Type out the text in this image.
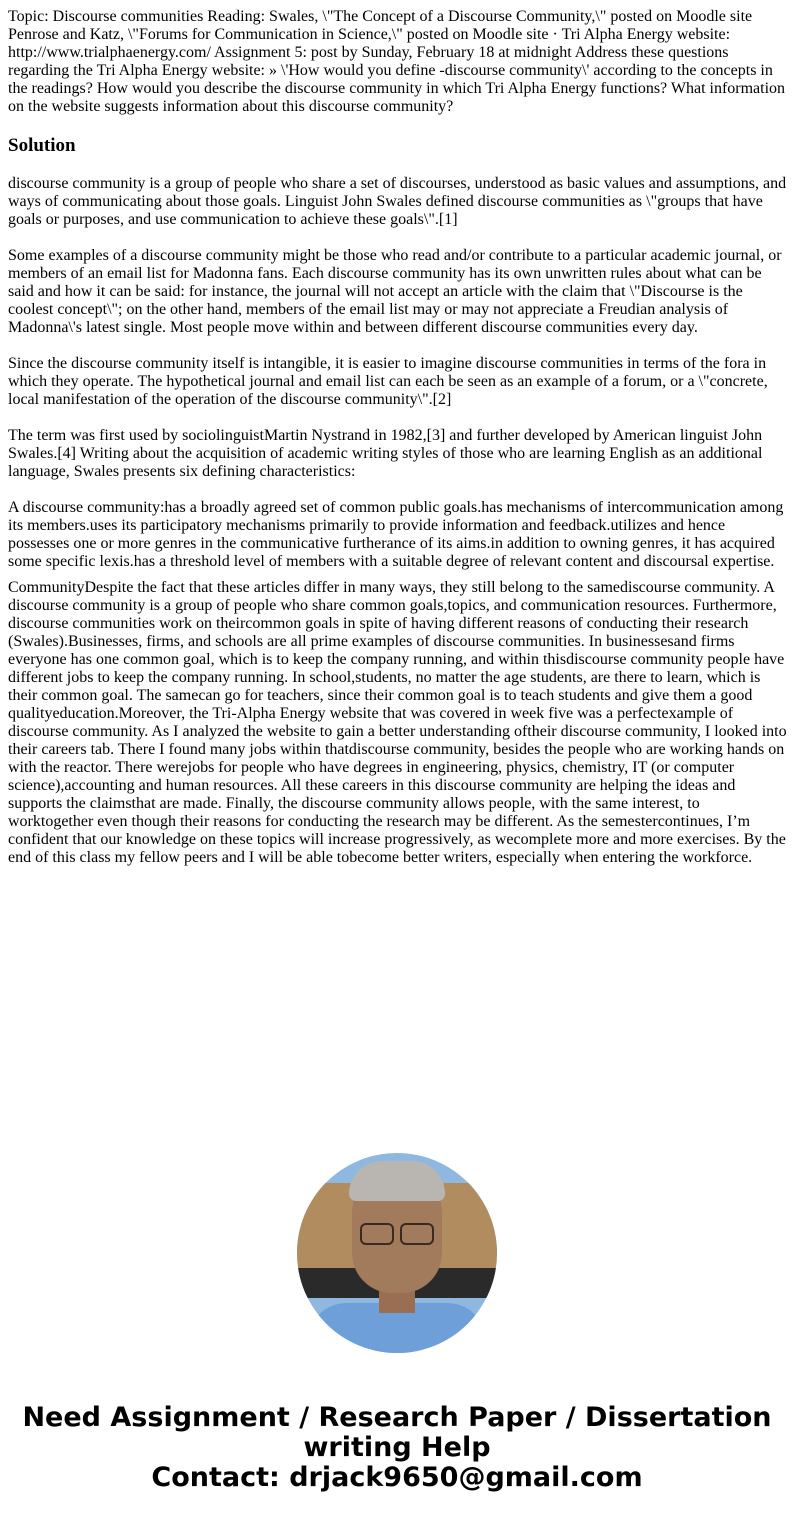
Topic: Discourse communities Reading: Swales, \"The Concept of a Discourse Community,\" posted on Moodle site Penrose and Katz, \"Forums for Communication in Science,\" posted on Moodle site · Tri Alpha Energy website: http://www.trialphaenergy.com/ Assignment 5: post by Sunday, February 18 at midnight Address these questions regarding the Tri Alpha Energy website: » \'How would you define -discourse community\' according to the concepts in the readings? How would you describe the discourse community in which Tri Alpha Energy functions? What information on the website suggests information about this discourse community?

Solution

discourse community is a group of people who share a set of discourses, understood as basic values and assumptions, and ways of communicating about those goals. Linguist John Swales defined discourse communities as \"groups that have goals or purposes, and use communication to achieve these goals\".[1]

Some examples of a discourse community might be those who read and/or contribute to a particular academic journal, or members of an email list for Madonna fans. Each discourse community has its own unwritten rules about what can be said and how it can be said: for instance, the journal will not accept an article with the claim that \"Discourse is the coolest concept\"; on the other hand, members of the email list may or may not appreciate a Freudian analysis of Madonna\'s latest single. Most people move within and between different discourse communities every day.

Since the discourse community itself is intangible, it is easier to imagine discourse communities in terms of the fora in which they operate. The hypothetical journal and email list can each be seen as an example of a forum, or a \"concrete, local manifestation of the operation of the discourse community\".[2]

The term was first used by sociolinguistMartin Nystrand in 1982,[3] and further developed by American linguist John Swales.[4] Writing about the acquisition of academic writing styles of those who are learning English as an additional language, Swales presents six defining characteristics:

A discourse community:has a broadly agreed set of common public goals.has mechanisms of intercommunication among its members.uses its participatory mechanisms primarily to provide information and feedback.utilizes and hence possesses one or more genres in the communicative furtherance of its aims.in addition to owning genres, it has acquired some specific lexis.has a threshold level of members with a suitable degree of relevant content and discoursal expertise.

CommunityDespite the fact that these articles differ in many ways, they still belong to the samediscourse community. A discourse community is a group of people who share common goals,topics, and communication resources. Furthermore, discourse communities work on theircommon goals in spite of having different reasons of conducting their research (Swales).Businesses, firms, and schools are all prime examples of discourse communities. In businessesand firms everyone has one common goal, which is to keep the company running, and within thisdiscourse community people have different jobs to keep the company running. In school,students, no matter the age students, are there to learn, which is their common goal. The samecan go for teachers, since their common goal is to teach students and give them a good qualityeducation.Moreover, the Tri-Alpha Energy website that was covered in week five was a perfectexample of discourse community. As I analyzed the website to gain a better understanding oftheir discourse community, I looked into their careers tab. There I found many jobs within thatdiscourse community, besides the people who are working hands on with the reactor. There werejobs for people who have degrees in engineering, physics, chemistry, IT (or computer science),accounting and human resources. All these careers in this discourse community are helping the ideas and supports the claimsthat are made. Finally, the discourse community allows people, with the same interest, to worktogether even though their reasons for conducting the research may be different. As the semestercontinues, I’m confident that our knowledge on these topics will increase progressively, as wecomplete more and more exercises. By the end of this class my fellow peers and I will be able tobecome better writers, especially when entering the workforce.

Need Assignment / Research Paper / Dissertation writing Help
Contact: drjack9650@gmail.com
